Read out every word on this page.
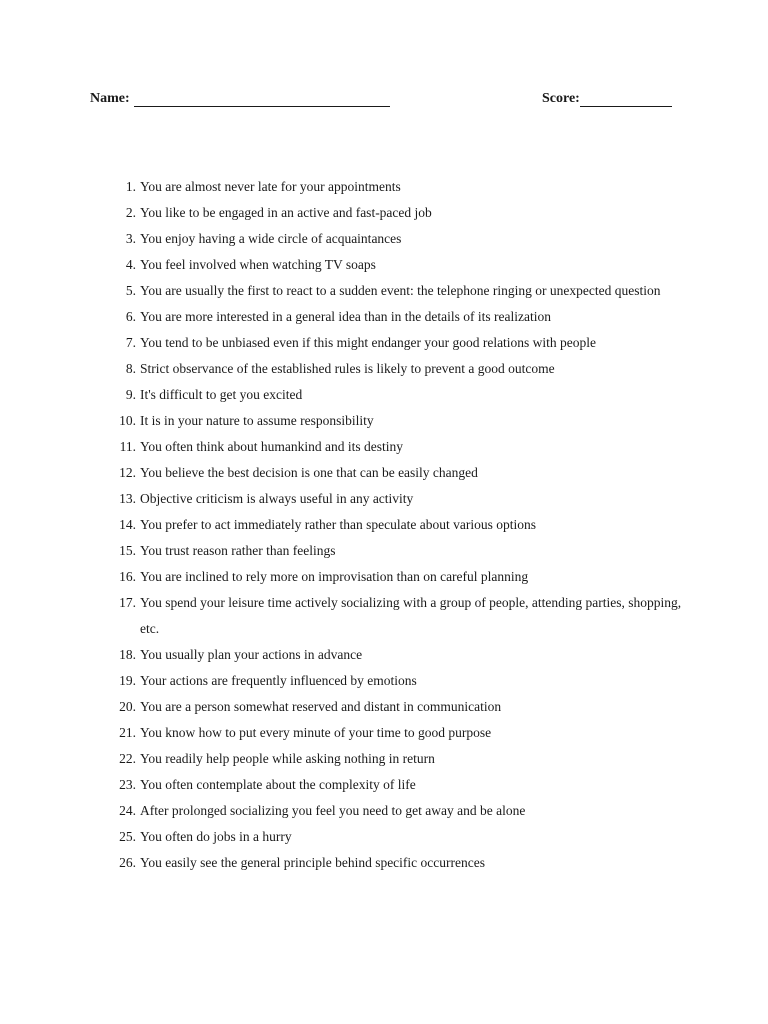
Name:	Score:
1. You are almost never late for your appointments
2. You like to be engaged in an active and fast-paced job
3. You enjoy having a wide circle of acquaintances
4. You feel involved when watching TV soaps
5. You are usually the first to react to a sudden event: the telephone ringing or unexpected question
6. You are more interested in a general idea than in the details of its realization
7. You tend to be unbiased even if this might endanger your good relations with people
8. Strict observance of the established rules is likely to prevent a good outcome
9. It's difficult to get you excited
10. It is in your nature to assume responsibility
11. You often think about humankind and its destiny
12. You believe the best decision is one that can be easily changed
13. Objective criticism is always useful in any activity
14. You prefer to act immediately rather than speculate about various options
15. You trust reason rather than feelings
16. You are inclined to rely more on improvisation than on careful planning
17. You spend your leisure time actively socializing with a group of people, attending parties, shopping, etc.
18. You usually plan your actions in advance
19. Your actions are frequently influenced by emotions
20. You are a person somewhat reserved and distant in communication
21. You know how to put every minute of your time to good purpose
22. You readily help people while asking nothing in return
23. You often contemplate about the complexity of life
24. After prolonged socializing you feel you need to get away and be alone
25. You often do jobs in a hurry
26. You easily see the general principle behind specific occurrences
